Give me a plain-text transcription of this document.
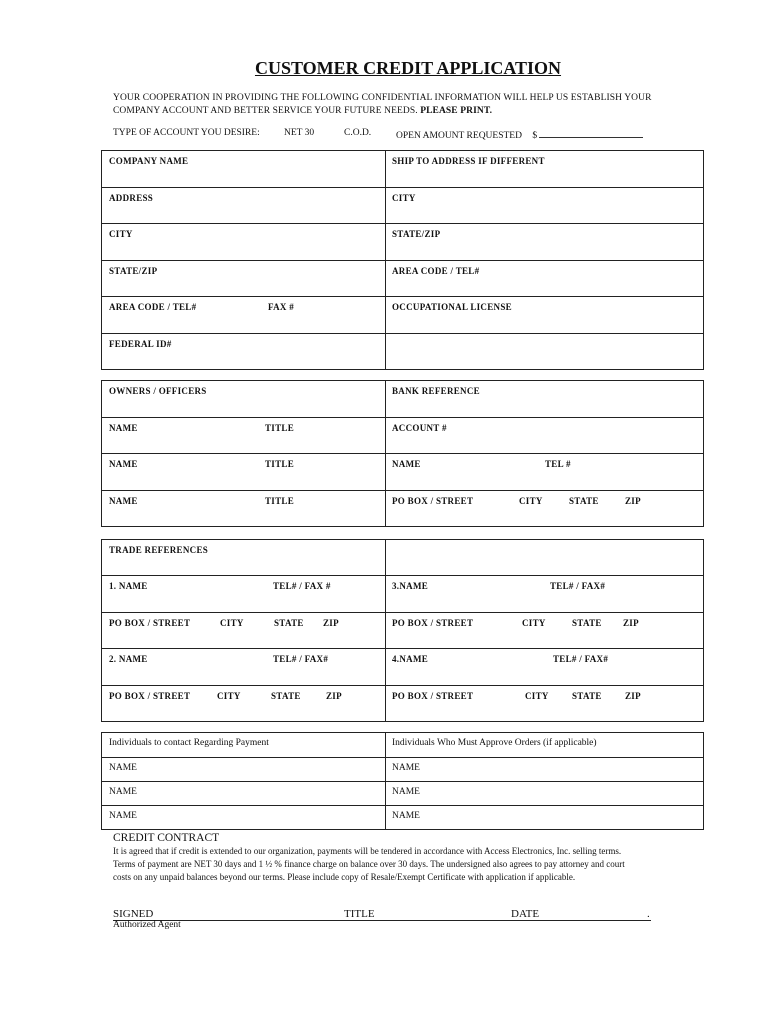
CUSTOMER CREDIT APPLICATION
YOUR COOPERATION IN PROVIDING THE FOLLOWING CONFIDENTIAL INFORMATION WILL HELP US ESTABLISH YOUR
COMPANY ACCOUNT AND BETTER SERVICE YOUR FUTURE NEEDS. PLEASE PRINT.
TYPE OF ACCOUNT YOU DESIRE:	NET 30	C.O.D.	OPEN AMOUNT REQUESTED $
COMPANY NAME	SHIP TO ADDRESS IF DIFFERENT

ADDRESS	CITY

CITY	STATE/ZIP

STATE/ZIP	AREA CODE / TEL#

AREA CODE / TEL# FAX #	OCCUPATIONAL LICENSE

FEDERAL ID#	

OWNERS / OFFICERS	BANK REFERENCE

NAME TITLE	ACCOUNT #

NAME TITLE	NAME TEL #

NAME TITLE	PO BOX / STREET CITY STATE ZIP
TRADE REFERENCES	

1. NAME TEL# / FAX #	3.NAME TEL# / FAX#

PO BOX / STREET CITY STATE ZIP	PO BOX / STREET CITY STATE ZIP

2. NAME TEL# / FAX#	4.NAME TEL# / FAX#

PO BOX / STREET CITY STATE ZIP	PO BOX / STREET CITY STATE ZIP
Individuals to contact Regarding Payment	Individuals Who Must Approve Orders (if applicable)

NAME	NAME

NAME	NAME

NAME	NAME
CREDIT CONTRACT
It is agreed that if credit is extended to our organization, payments will be tendered in accordance with Access Electronics, Inc. selling terms.
Terms of payment are NET 30 days and 1 ½ % finance charge on balance over 30 days. The undersigned also agrees to pay attorney and court
costs on any unpaid balances beyond our terms. Please include copy of Resale/Exempt Certificate with application if applicable.
SIGNED	TITLE	DATE	.
Authorized Agent
